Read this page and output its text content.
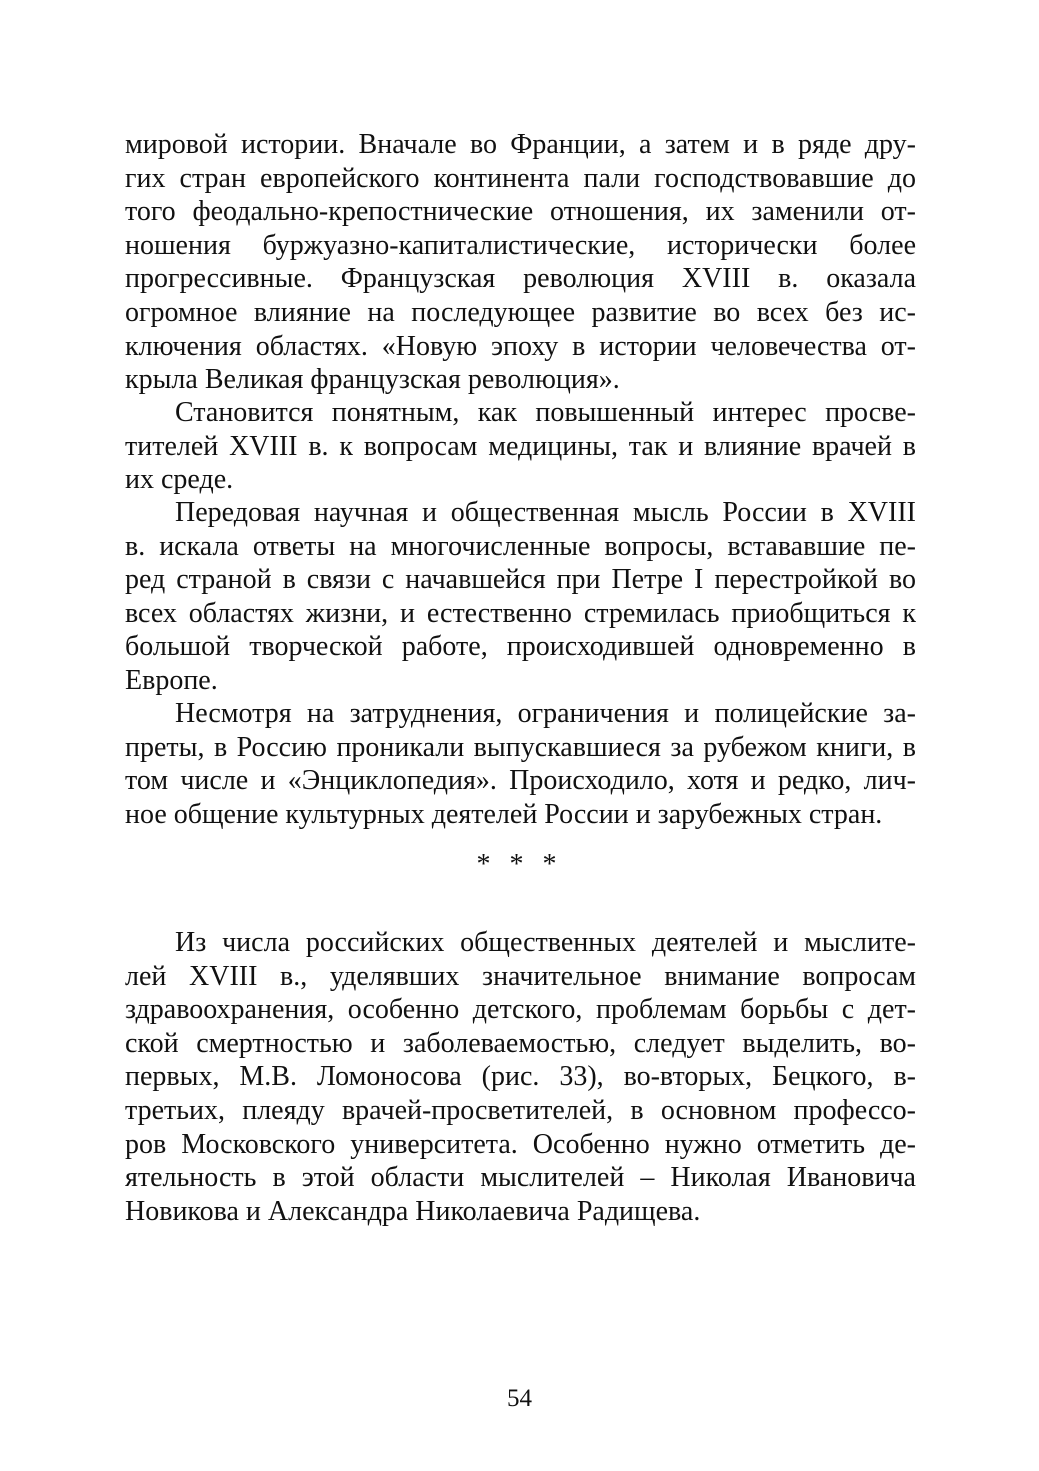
мировой истории. Вначале во Франции, а затем и в ряде дру-
гих стран европейского континента пали господствовавшие до
того феодально-крепостнические отношения, их заменили от-
ношения буржуазно-капиталистические, исторически более
прогрессивные. Французская революция XVIII в. оказала
огромное влияние на последующее развитие во всех без ис-
ключения областях. «Новую эпоху в истории человечества от-
крыла Великая французская революция».
Становится понятным, как повышенный интерес просве-
тителей XVIII в. к вопросам медицины, так и влияние врачей в
их среде.
Передовая научная и общественная мысль России в XVIII
в. искала ответы на многочисленные вопросы, встававшие пе-
ред страной в связи с начавшейся при Петре I перестройкой во
всех областях жизни, и естественно стремилась приобщиться к
большой творческой работе, происходившей одновременно в
Европе.
Несмотря на затруднения, ограничения и полицейские за-
преты, в Россию проникали выпускавшиеся за рубежом книги, в
том числе и «Энциклопедия». Происходило, хотя и редко, лич-
ное общение культурных деятелей России и зарубежных стран.
* * *
Из числа российских общественных деятелей и мыслите-
лей XVIII в., уделявших значительное внимание вопросам
здравоохранения, особенно детского, проблемам борьбы с дет-
ской смертностью и заболеваемостью, следует выделить, во-
первых, М.В. Ломоносова (рис. 33), во-вторых, Бецкого, в-
третьих, плеяду врачей-просветителей, в основном профессо-
ров Московского университета. Особенно нужно отметить де-
ятельность в этой области мыслителей – Николая Ивановича
Новикова и Александра Николаевича Радищева.
54
